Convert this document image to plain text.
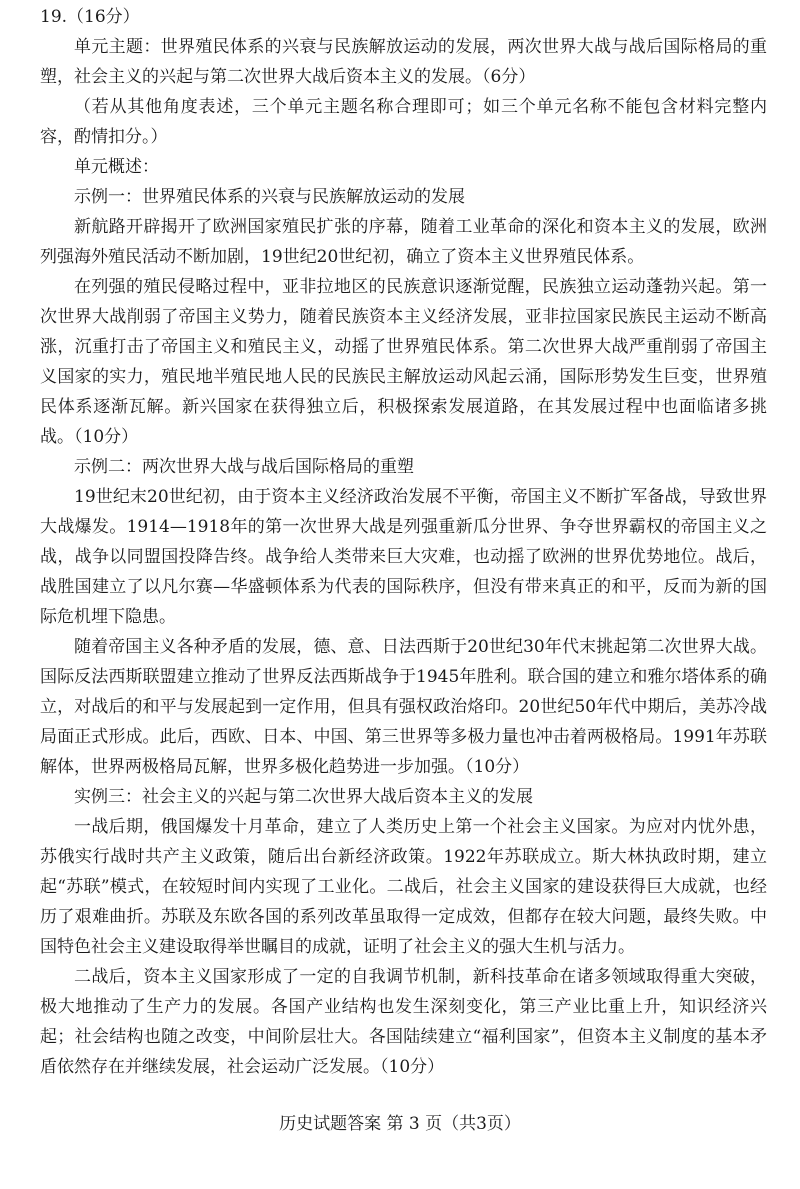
19.（16分）

单元主题：世界殖民体系的兴衰与民族解放运动的发展，两次世界大战与战后国际格局的重塑，社会主义的兴起与第二次世界大战后资本主义的发展。（6分）

（若从其他角度表述，三个单元主题名称合理即可；如三个单元名称不能包含材料完整内容，酌情扣分。）

单元概述：

示例一：世界殖民体系的兴衰与民族解放运动的发展

新航路开辟揭开了欧洲国家殖民扩张的序幕，随着工业革命的深化和资本主义的发展，欧洲列强海外殖民活动不断加剧，19世纪20世纪初，确立了资本主义世界殖民体系。

在列强的殖民侵略过程中，亚非拉地区的民族意识逐渐觉醒，民族独立运动蓬勃兴起。第一次世界大战削弱了帝国主义势力，随着民族资本主义经济发展，亚非拉国家民族民主运动不断高涨，沉重打击了帝国主义和殖民主义，动摇了世界殖民体系。第二次世界大战严重削弱了帝国主义国家的实力，殖民地半殖民地人民的民族民主解放运动风起云涌，国际形势发生巨变，世界殖民体系逐渐瓦解。新兴国家在获得独立后，积极探索发展道路，在其发展过程中也面临诸多挑战。（10分）

示例二：两次世界大战与战后国际格局的重塑

19世纪末20世纪初，由于资本主义经济政治发展不平衡，帝国主义不断扩军备战，导致世界大战爆发。1914—1918年的第一次世界大战是列强重新瓜分世界、争夺世界霸权的帝国主义之战，战争以同盟国投降告终。战争给人类带来巨大灾难，也动摇了欧洲的世界优势地位。战后，战胜国建立了以凡尔赛—华盛顿体系为代表的国际秩序，但没有带来真正的和平，反而为新的国际危机埋下隐患。

随着帝国主义各种矛盾的发展，德、意、日法西斯于20世纪30年代末挑起第二次世界大战。国际反法西斯联盟建立推动了世界反法西斯战争于1945年胜利。联合国的建立和雅尔塔体系的确立，对战后的和平与发展起到一定作用，但具有强权政治烙印。20世纪50年代中期后，美苏冷战局面正式形成。此后，西欧、日本、中国、第三世界等多极力量也冲击着两极格局。1991年苏联解体，世界两极格局瓦解，世界多极化趋势进一步加强。（10分）

实例三：社会主义的兴起与第二次世界大战后资本主义的发展

一战后期，俄国爆发十月革命，建立了人类历史上第一个社会主义国家。为应对内忧外患，苏俄实行战时共产主义政策，随后出台新经济政策。1922年苏联成立。斯大林执政时期，建立起“苏联”模式，在较短时间内实现了工业化。二战后，社会主义国家的建设获得巨大成就，也经历了艰难曲折。苏联及东欧各国的系列改革虽取得一定成效，但都存在较大问题，最终失败。中国特色社会主义建设取得举世瞩目的成就，证明了社会主义的强大生机与活力。

二战后，资本主义国家形成了一定的自我调节机制，新科技革命在诸多领域取得重大突破，极大地推动了生产力的发展。各国产业结构也发生深刻变化，第三产业比重上升，知识经济兴起；社会结构也随之改变，中间阶层壮大。各国陆续建立“福利国家”，但资本主义制度的基本矛盾依然存在并继续发展，社会运动广泛发展。（10分）

历史试题答案 第 3 页（共3页）
